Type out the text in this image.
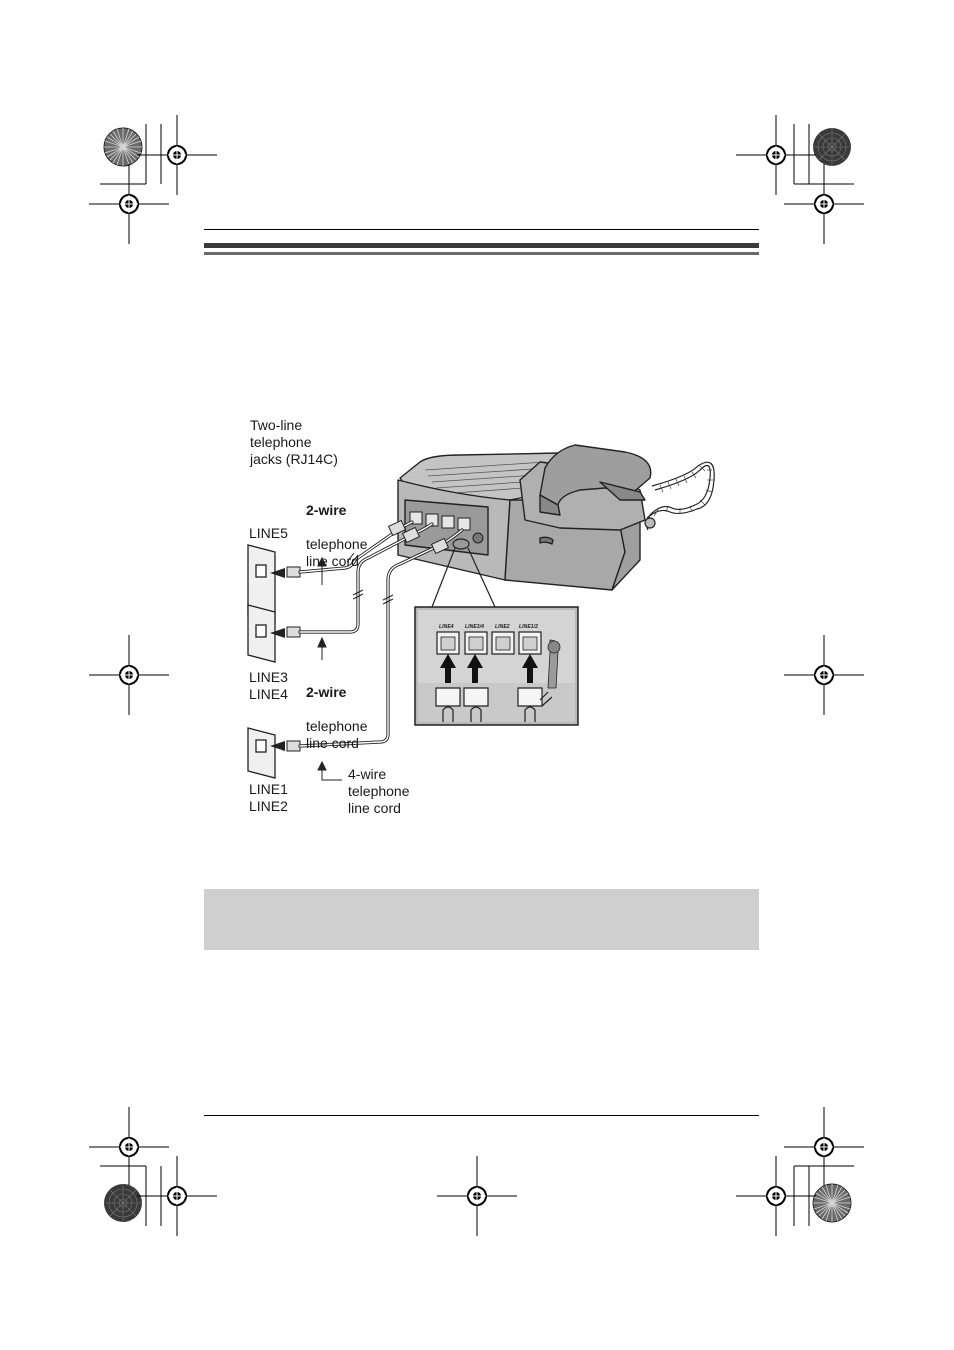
Two-line
telephone
jacks (RJ14C)

2-wire

telephone
line cord

LINE5
LINE3
LINE4 2-wire

telephone
line cord

LINE1
LINE2
4-wire
telephone
line cord
LINE4 LINE3/4 LINE2 LINE1/2
